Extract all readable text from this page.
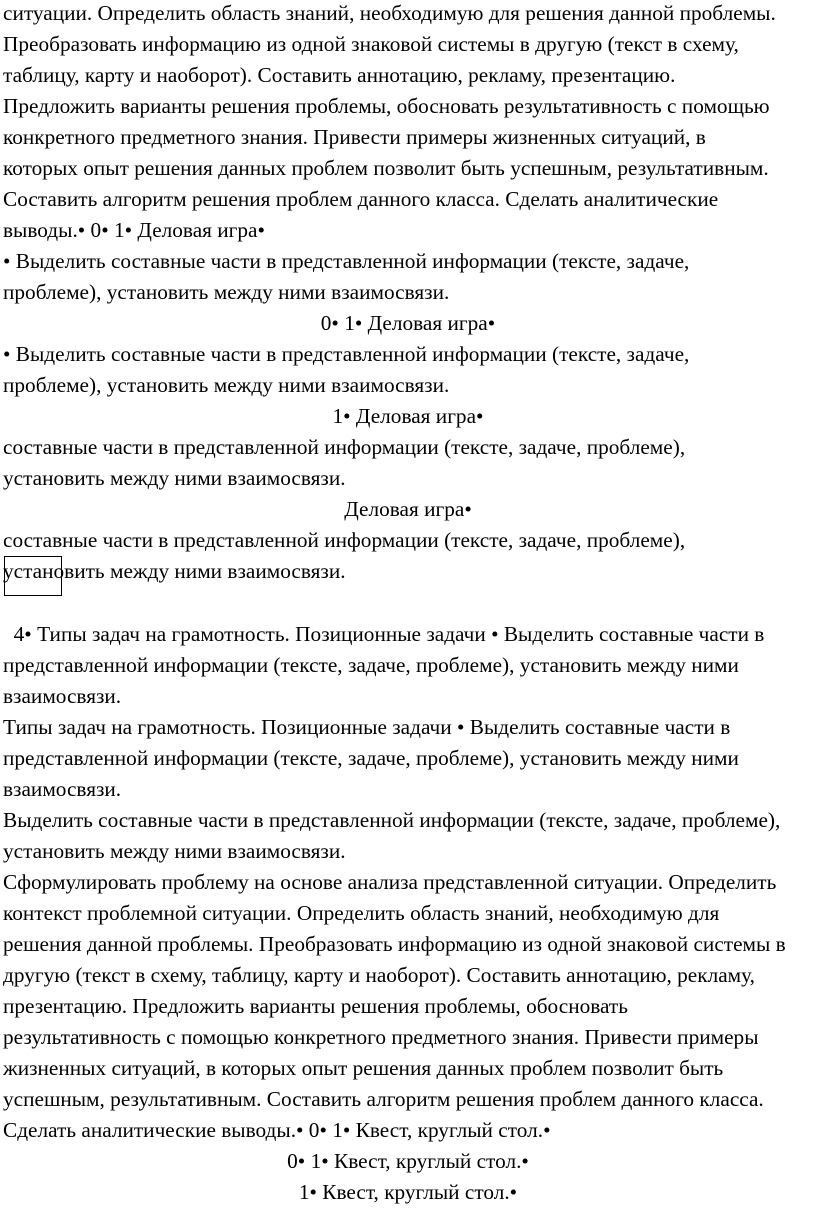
ситуации. Определить область знаний, необходимую для решения данной проблемы.
Преобразовать информацию из одной знаковой системы в другую (текст в схему,
таблицу, карту и наоборот). Составить аннотацию, рекламу, презентацию.
Предложить варианты решения проблемы, обосновать результативность с помощью
конкретного предметного знания. Привести примеры жизненных ситуаций, в
которых опыт решения данных проблем позволит быть успешным, результативным.
Составить алгоритм решения проблем данного класса. Сделать аналитические
выводы.• 0• 1• Деловая игра•
• Выделить составные части в представленной информации (тексте, задаче,
проблеме), установить между ними взаимосвязи.
0• 1• Деловая игра•
• Выделить составные части в представленной информации (тексте, задаче,
проблеме), установить между ними взаимосвязи.
1• Деловая игра•
составные части в представленной информации (тексте, задаче, проблеме),
установить между ними взаимосвязи.
Деловая игра•
составные части в представленной информации (тексте, задаче, проблеме),
установить между ними взаимосвязи.
4• Типы задач на грамотность. Позиционные задачи • Выделить составные части в
представленной информации (тексте, задаче, проблеме), установить между ними
взаимосвязи.
Типы задач на грамотность. Позиционные задачи • Выделить составные части в
представленной информации (тексте, задаче, проблеме), установить между ними
взаимосвязи.
Выделить составные части в представленной информации (тексте, задаче, проблеме),
установить между ними взаимосвязи.
Сформулировать проблему на основе анализа представленной ситуации. Определить
контекст проблемной ситуации. Определить область знаний, необходимую для
решения данной проблемы. Преобразовать информацию из одной знаковой системы в
другую (текст в схему, таблицу, карту и наоборот). Составить аннотацию, рекламу,
презентацию. Предложить варианты решения проблемы, обосновать
результативность с помощью конкретного предметного знания. Привести примеры
жизненных ситуаций, в которых опыт решения данных проблем позволит быть
успешным, результативным. Составить алгоритм решения проблем данного класса.
Сделать аналитические выводы.• 0• 1• Квест, круглый стол.•
0• 1• Квест, круглый стол.•
1• Квест, круглый стол.•
